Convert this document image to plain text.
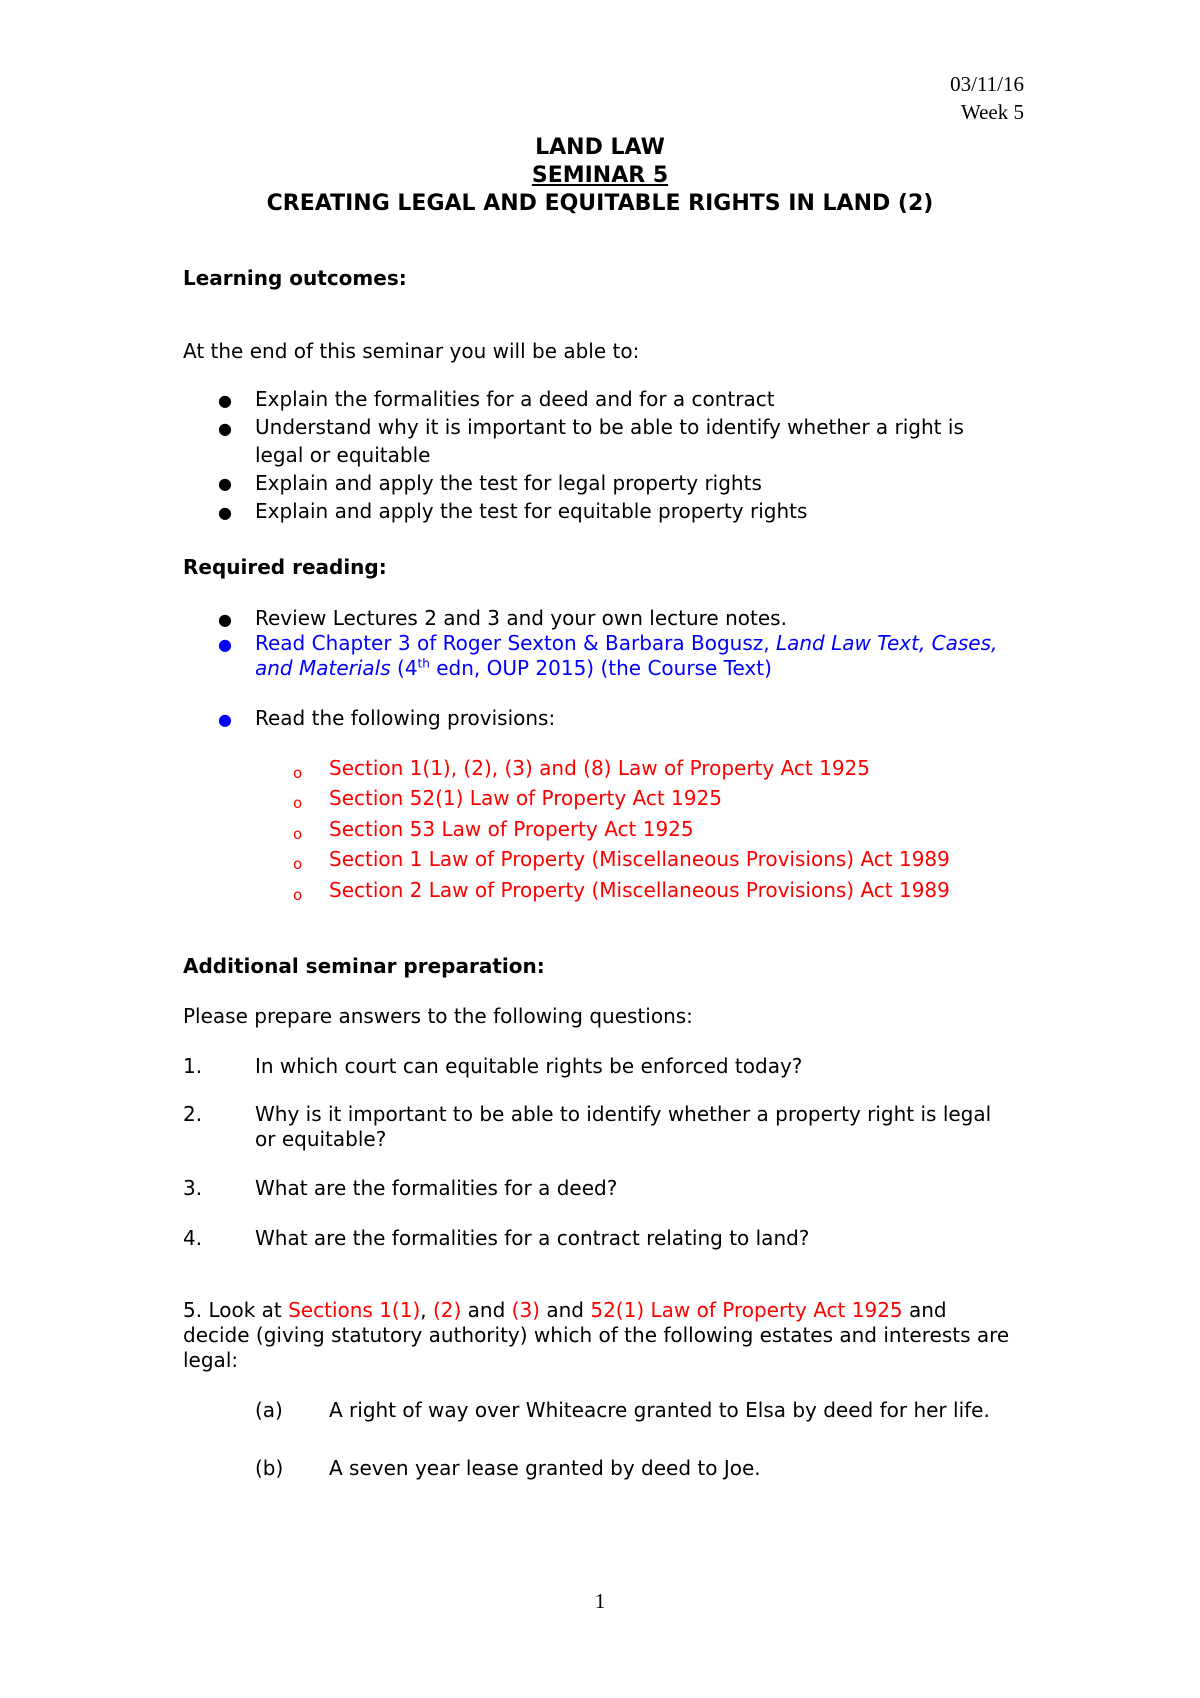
03/11/16
Week 5
LAND LAW
SEMINAR 5
CREATING LEGAL AND EQUITABLE RIGHTS IN LAND (2)
Learning outcomes:
At the end of this seminar you will be able to:
● Explain the formalities for a deed and for a contract
● Understand why it is important to be able to identify whether a right is
legal or equitable
● Explain and apply the test for legal property rights
● Explain and apply the test for equitable property rights
Required reading:
● Review Lectures 2 and 3 and your own lecture notes.
● Read Chapter 3 of Roger Sexton & Barbara Bogusz, Land Law Text, Cases,
and Materials (4th edn, OUP 2015) (the Course Text)
● Read the following provisions:
o Section 1(1), (2), (3) and (8) Law of Property Act 1925
o Section 52(1) Law of Property Act 1925
o Section 53 Law of Property Act 1925
o Section 1 Law of Property (Miscellaneous Provisions) Act 1989
o Section 2 Law of Property (Miscellaneous Provisions) Act 1989
Additional seminar preparation:
Please prepare answers to the following questions:
1.	In which court can equitable rights be enforced today?
2.	Why is it important to be able to identify whether a property right is legal
or equitable?
3.	What are the formalities for a deed?
4.	What are the formalities for a contract relating to land?
5. Look at Sections 1(1), (2) and (3) and 52(1) Law of Property Act 1925 and
decide (giving statutory authority) which of the following estates and interests are
legal:
(a) A right of way over Whiteacre granted to Elsa by deed for her life.
(b) A seven year lease granted by deed to Joe.
1
